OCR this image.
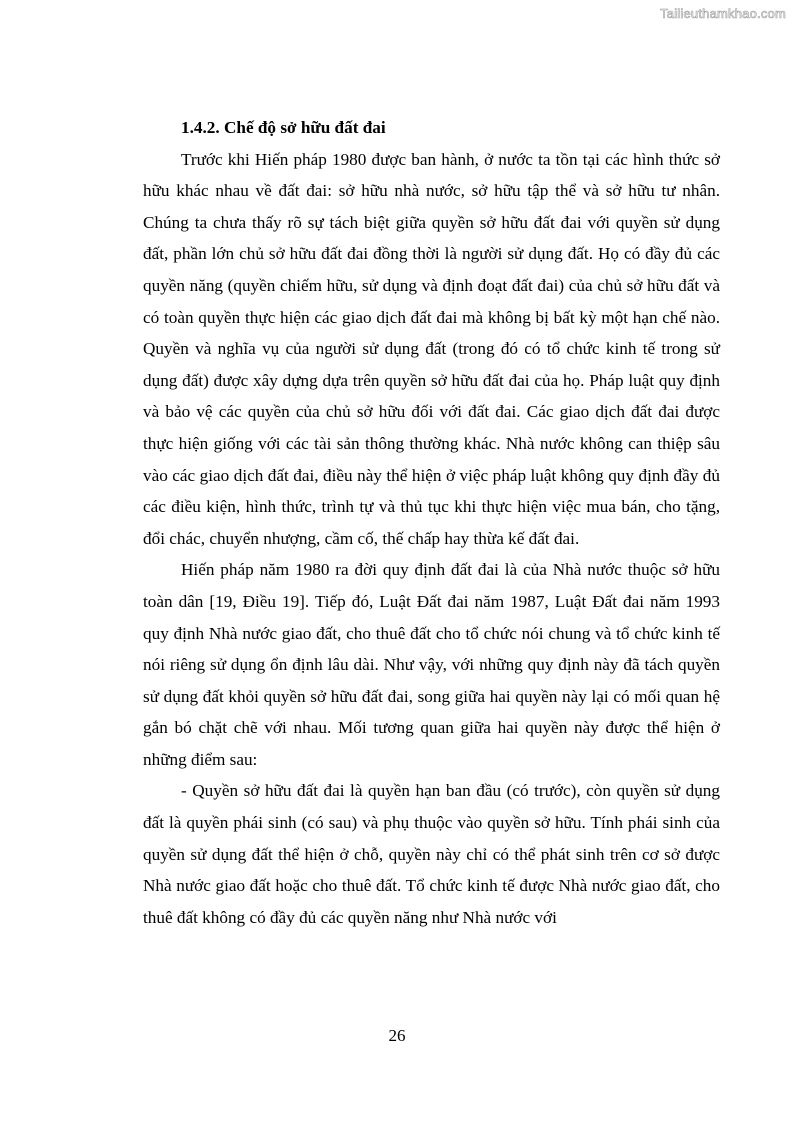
Tailieuthamkhao.com

1.4.2. Chế độ sở hữu đất đai

Trước khi Hiến pháp 1980 được ban hành, ở nước ta tồn tại các hình thức sở hữu khác nhau về đất đai: sở hữu nhà nước, sở hữu tập thể và sở hữu tư nhân. Chúng ta chưa thấy rõ sự tách biệt giữa quyền sở hữu đất đai với quyền sử dụng đất, phần lớn chủ sở hữu đất đai đồng thời là người sử dụng đất. Họ có đầy đủ các quyền năng (quyền chiếm hữu, sử dụng và định đoạt đất đai) của chủ sở hữu đất và có toàn quyền thực hiện các giao dịch đất đai mà không bị bất kỳ một hạn chế nào. Quyền và nghĩa vụ của người sử dụng đất (trong đó có tổ chức kinh tế trong sử dụng đất) được xây dựng dựa trên quyền sở hữu đất đai của họ. Pháp luật quy định và bảo vệ các quyền của chủ sở hữu đối với đất đai. Các giao dịch đất đai được thực hiện giống với các tài sản thông thường khác. Nhà nước không can thiệp sâu vào các giao dịch đất đai, điều này thể hiện ở việc pháp luật không quy định đầy đủ các điều kiện, hình thức, trình tự và thủ tục khi thực hiện việc mua bán, cho tặng, đổi chác, chuyển nhượng, cầm cố, thế chấp hay thừa kế đất đai.

Hiến pháp năm 1980 ra đời quy định đất đai là của Nhà nước thuộc sở hữu toàn dân [19, Điều 19]. Tiếp đó, Luật Đất đai năm 1987, Luật Đất đai năm 1993 quy định Nhà nước giao đất, cho thuê đất cho tổ chức nói chung và tổ chức kinh tế nói riêng sử dụng ổn định lâu dài. Như vậy, với những quy định này đã tách quyền sử dụng đất khỏi quyền sở hữu đất đai, song giữa hai quyền này lại có mối quan hệ gắn bó chặt chẽ với nhau. Mối tương quan giữa hai quyền này được thể hiện ở những điểm sau:

- Quyền sở hữu đất đai là quyền hạn ban đầu (có trước), còn quyền sử dụng đất là quyền phái sinh (có sau) và phụ thuộc vào quyền sở hữu. Tính phái sinh của quyền sử dụng đất thể hiện ở chỗ, quyền này chỉ có thể phát sinh trên cơ sở được Nhà nước giao đất hoặc cho thuê đất. Tổ chức kinh tế được Nhà nước giao đất, cho thuê đất không có đầy đủ các quyền năng như Nhà nước với

26
